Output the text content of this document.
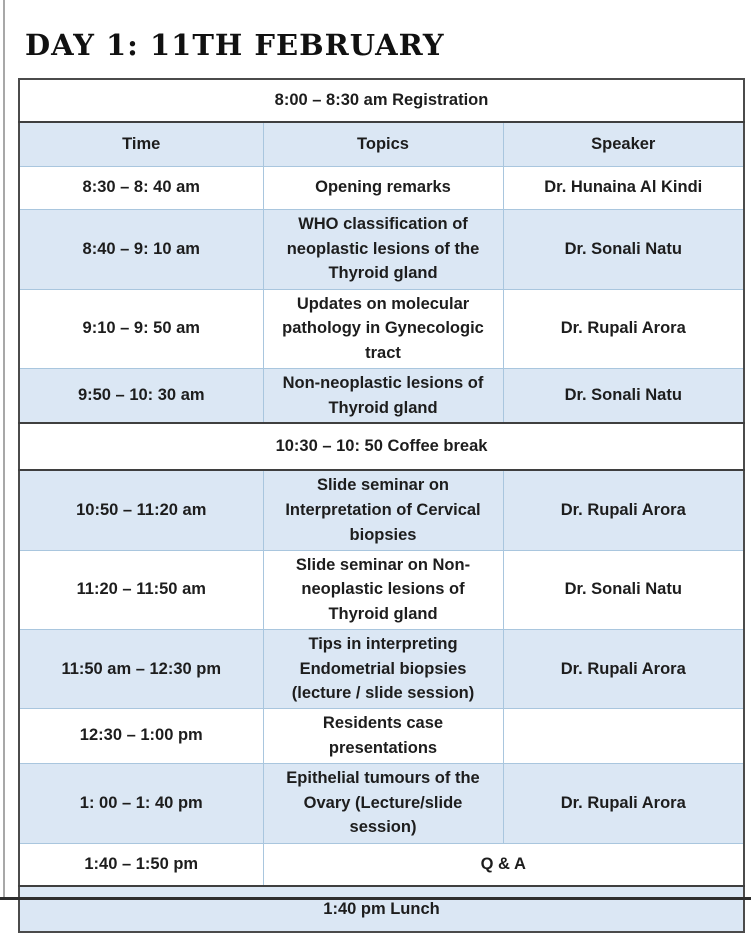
DAY 1: 11TH FEBRUARY
8:00 – 8:30 am Registration		
Time	Topics	Speaker
8:30 – 8: 40 am	Opening remarks	Dr. Hunaina Al Kindi
8:40 – 9: 10 am	WHO classification of neoplastic lesions of the Thyroid gland	Dr. Sonali Natu
9:10 – 9: 50 am	Updates on molecular pathology in Gynecologic tract	Dr. Rupali Arora
9:50 – 10: 30 am	Non-neoplastic lesions of Thyroid gland	Dr. Sonali Natu
10:30 – 10: 50 Coffee break		
10:50 – 11:20 am	Slide seminar on Interpretation of Cervical biopsies	Dr. Rupali Arora
11:20 – 11:50 am	Slide seminar on Non-neoplastic lesions of Thyroid gland	Dr. Sonali Natu
11:50 am – 12:30 pm	Tips in interpreting Endometrial biopsies (lecture / slide session)	Dr. Rupali Arora
12:30 – 1:00 pm	Residents case presentations	
1: 00 – 1: 40 pm	Epithelial tumours of the Ovary (Lecture/slide session)	Dr. Rupali Arora
1:40 – 1:50 pm	Q & A	
1:40 pm Lunch		
